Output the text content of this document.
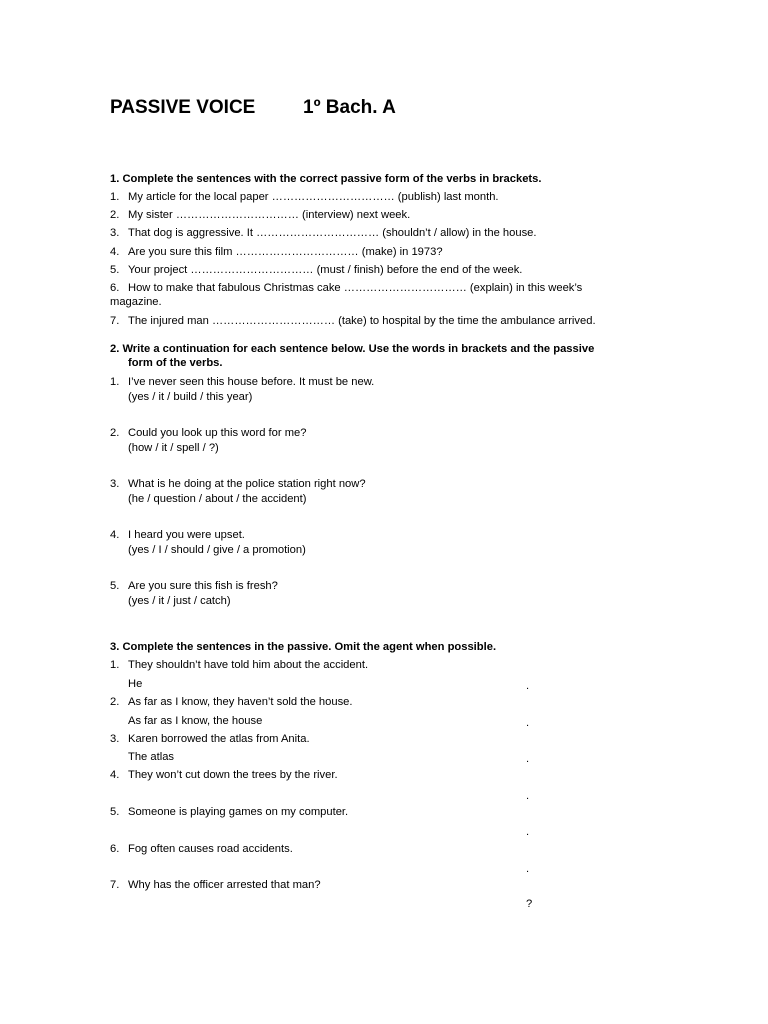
PASSIVE VOICE	1º Bach. A
1. Complete the sentences with the correct passive form of the verbs in brackets.
1. My article for the local paper …………………………… (publish) last month.
2. My sister …………………………… (interview) next week.
3. That dog is aggressive. It …………………………… (shouldn’t / allow) in the house.
4. Are you sure this film …………………………… (make) in 1973?
5. Your project …………………………… (must / finish) before the end of the week.
6. How to make that fabulous Christmas cake …………………………… (explain) in this week’s
magazine.
7. The injured man …………………………… (take) to hospital by the time the ambulance arrived.
2. Write a continuation for each sentence below. Use the words in brackets and the passive
form of the verbs.
1. I’ve never seen this house before. It must be new.
(yes / it / build / this year)
2. Could you look up this word for me?
(how / it / spell / ?)
3. What is he doing at the police station right now?
(he / question / about / the accident)
4. I heard you were upset.
(yes / I / should / give / a promotion)
5. Are you sure this fish is fresh?
(yes / it / just / catch)
3. Complete the sentences in the passive. Omit the agent when possible.
1. They shouldn’t have told him about the accident.
He	.
2. As far as I know, they haven’t sold the house.
As far as I know, the house	.
3. Karen borrowed the atlas from Anita.
The atlas	.
4. They won’t cut down the trees by the river.
.
5. Someone is playing games on my computer.
.
6. Fog often causes road accidents.
.
7. Why has the officer arrested that man?
?
